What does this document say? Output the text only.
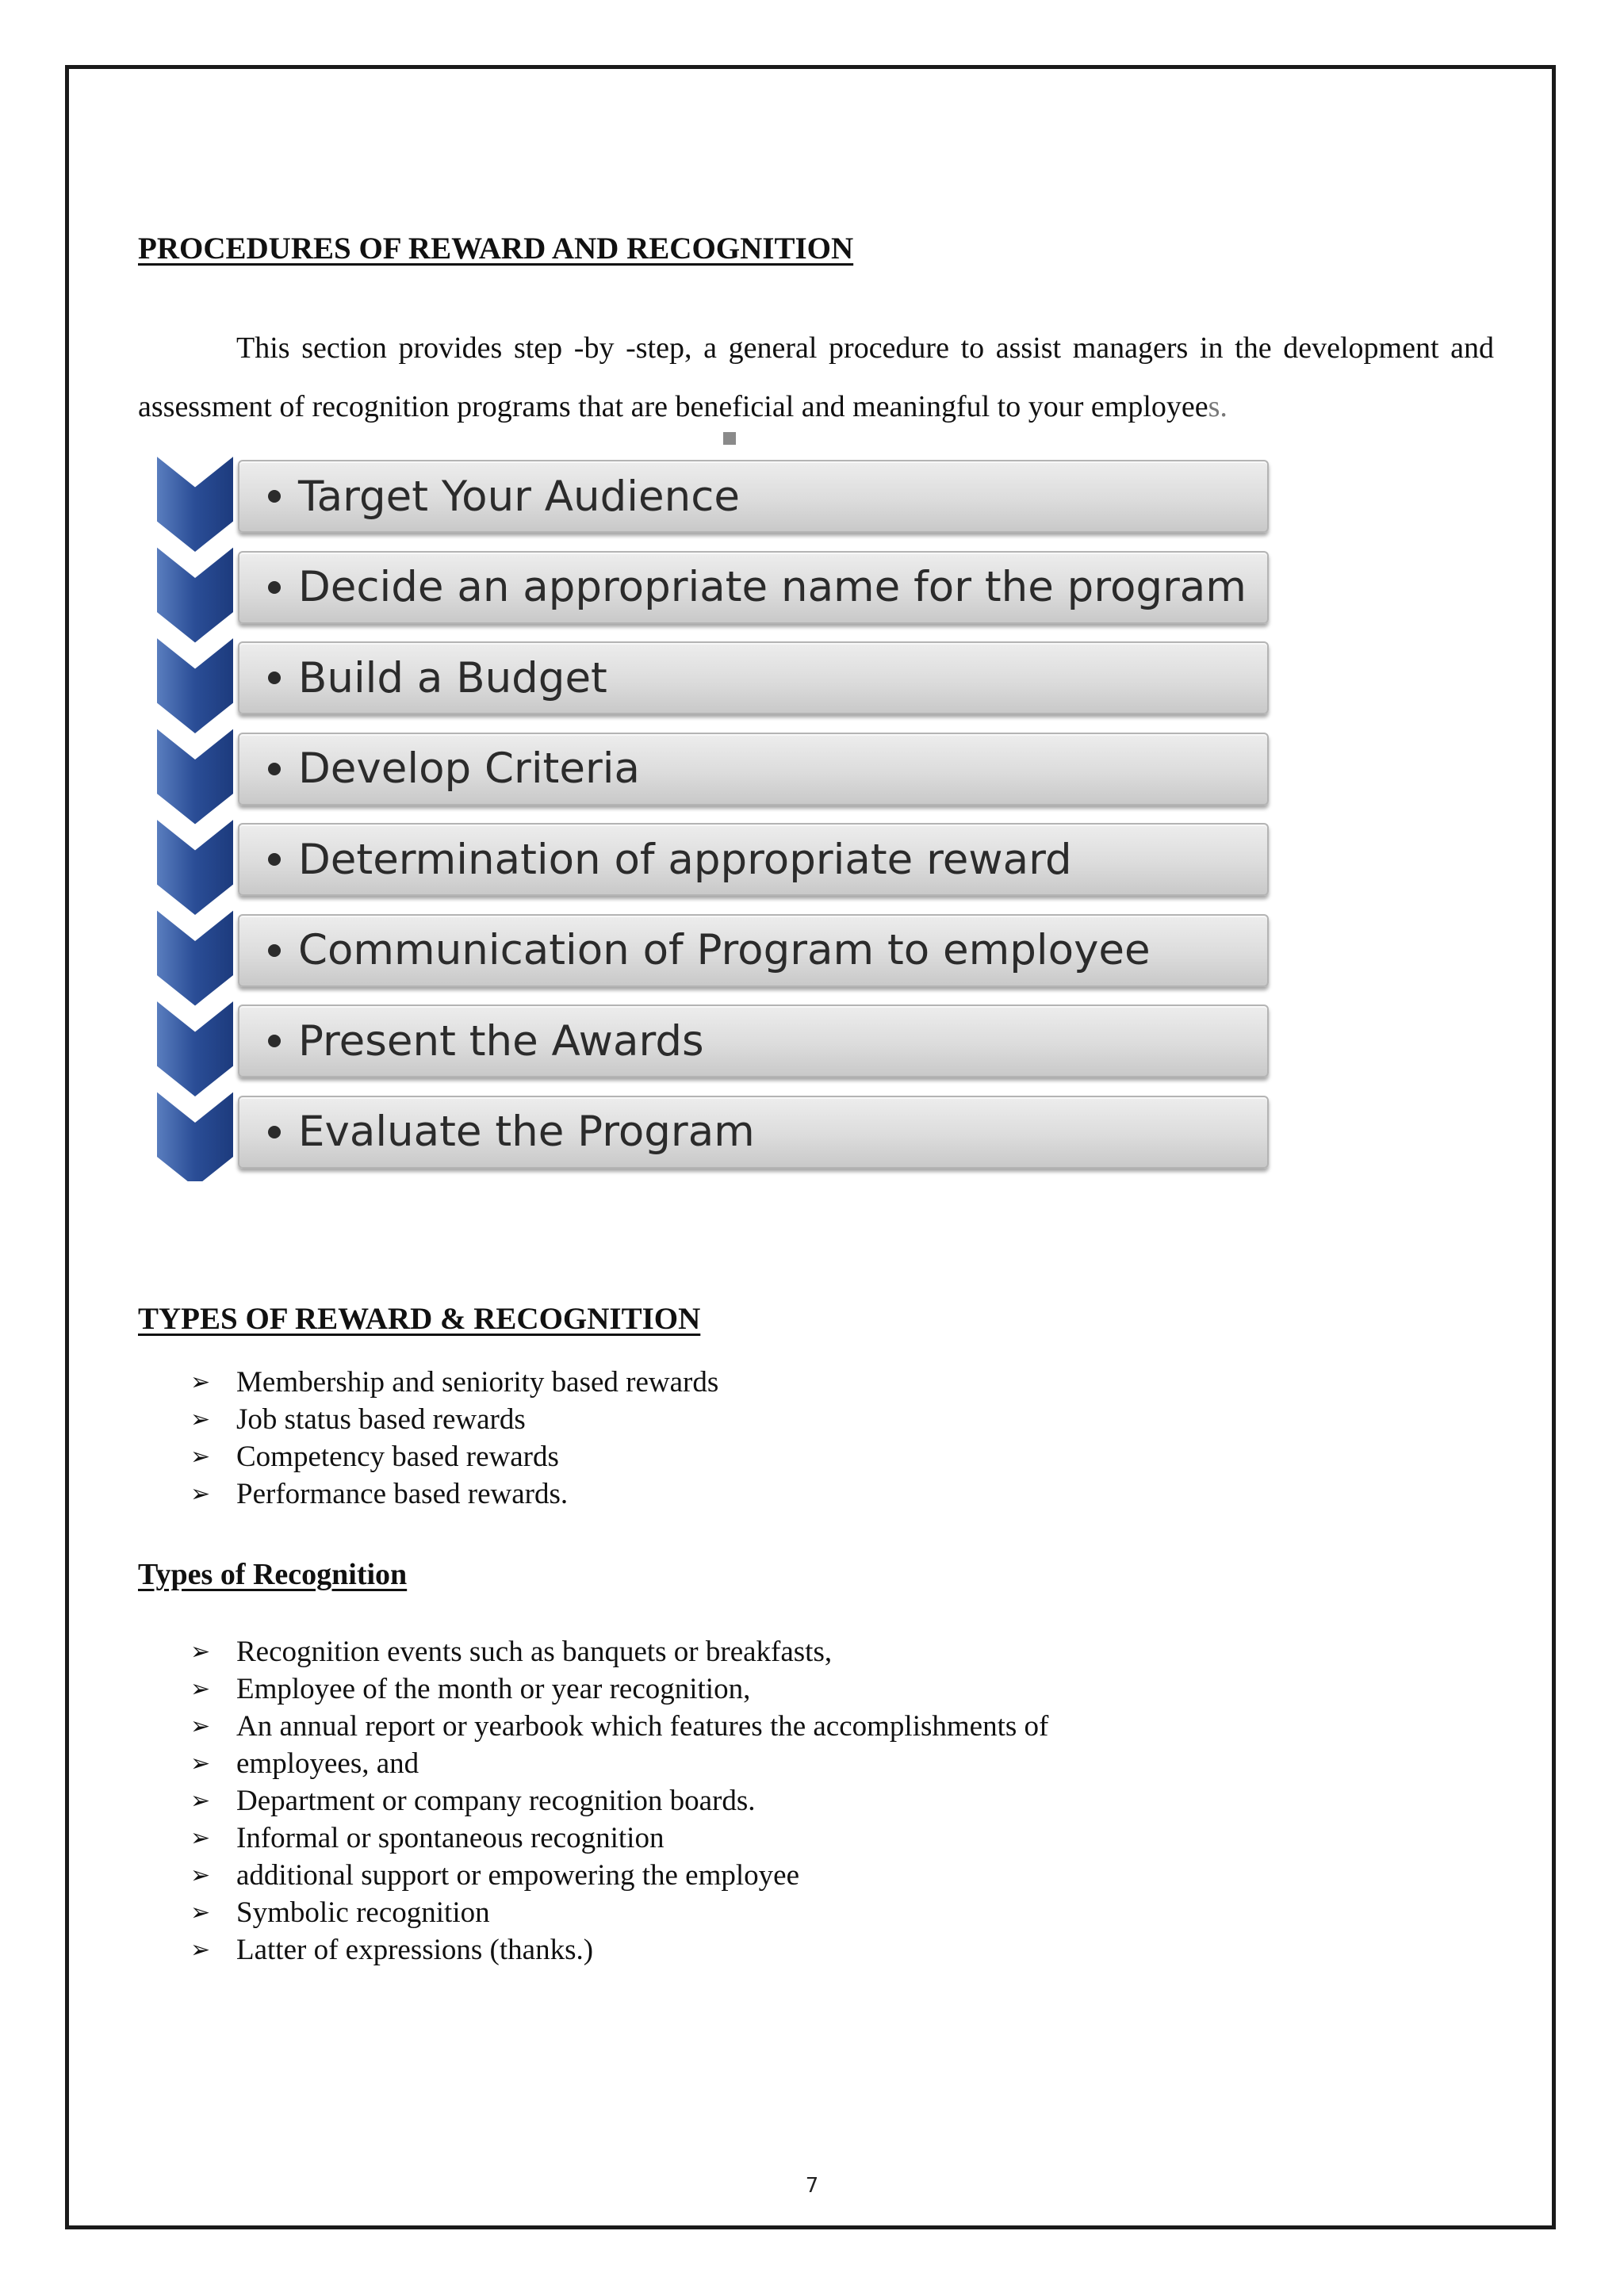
PROCEDURES OF REWARD AND RECOGNITION

This section provides step -by -step, a general procedure to assist managers in the development and assessment of recognition programs that are beneficial and meaningful to your employees.

Target Your Audience
Decide an appropriate name for the program
Build a Budget
Develop Criteria
Determination of appropriate reward
Communication of Program to employee
Present the Awards
Evaluate the Program
TYPES OF REWARD & RECOGNITION
➢ Membership and seniority based rewards
➢ Job status based rewards
➢ Competency based rewards
➢ Performance based rewards.
Types of Recognition
➢ Recognition events such as banquets or breakfasts,
➢ Employee of the month or year recognition,
➢ An annual report or yearbook which features the accomplishments of
➢ employees, and
➢ Department or company recognition boards.
➢ Informal or spontaneous recognition
➢ additional support or empowering the employee
➢ Symbolic recognition
➢ Latter of expressions (thanks.)
7
